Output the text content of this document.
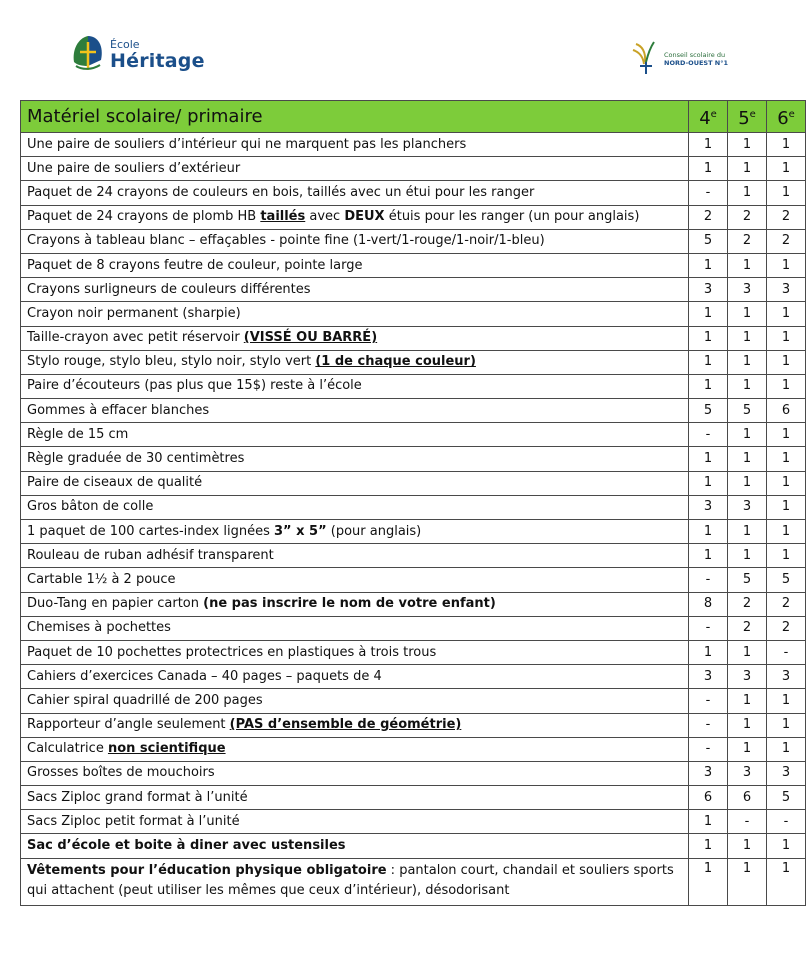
École
Héritage	Conseil scolaire du
NORD-OUEST N°1
Matériel scolaire/ primaire	4e	5e	6e
Une paire de souliers d’intérieur qui ne marquent pas les planchers	1	1	1
Une paire de souliers d’extérieur	1	1	1
Paquet de 24 crayons de couleurs en bois, taillés avec un étui pour les ranger	-	1	1
Paquet de 24 crayons de plomb HB taillés avec DEUX étuis pour les ranger (un pour anglais)	2	2	2
Crayons à tableau blanc – effaçables - pointe fine (1-vert/1-rouge/1-noir/1-bleu)	5	2	2
Paquet de 8 crayons feutre de couleur, pointe large	1	1	1
Crayons surligneurs de couleurs différentes	3	3	3
Crayon noir permanent (sharpie)	1	1	1
Taille-crayon avec petit réservoir (VISSÉ OU BARRÉ)	1	1	1
Stylo rouge, stylo bleu, stylo noir, stylo vert (1 de chaque couleur)	1	1	1
Paire d’écouteurs (pas plus que 15$) reste à l’école	1	1	1
Gommes à effacer blanches	5	5	6
Règle de 15 cm	-	1	1
Règle graduée de 30 centimètres	1	1	1
Paire de ciseaux de qualité	1	1	1
Gros bâton de colle	3	3	1
1 paquet de 100 cartes-index lignées 3” x 5” (pour anglais)	1	1	1
Rouleau de ruban adhésif transparent	1	1	1
Cartable 1½ à 2 pouce	-	5	5
Duo-Tang en papier carton (ne pas inscrire le nom de votre enfant)	8	2	2
Chemises à pochettes	-	2	2
Paquet de 10 pochettes protectrices en plastiques à trois trous	1	1	-
Cahiers d’exercices Canada – 40 pages – paquets de 4	3	3	3
Cahier spiral quadrillé de 200 pages	-	1	1
Rapporteur d’angle seulement (PAS d’ensemble de géométrie)	-	1	1
Calculatrice non scientifique	-	1	1
Grosses boîtes de mouchoirs	3	3	3
Sacs Ziploc grand format à l’unité	6	6	5
Sacs Ziploc petit format à l’unité	1	-	-
Sac d’école et boite à diner avec ustensiles	1	1	1
Vêtements pour l’éducation physique obligatoire : pantalon court, chandail et souliers sports qui attachent (peut utiliser les mêmes que ceux d’intérieur), désodorisant	1	1	1
